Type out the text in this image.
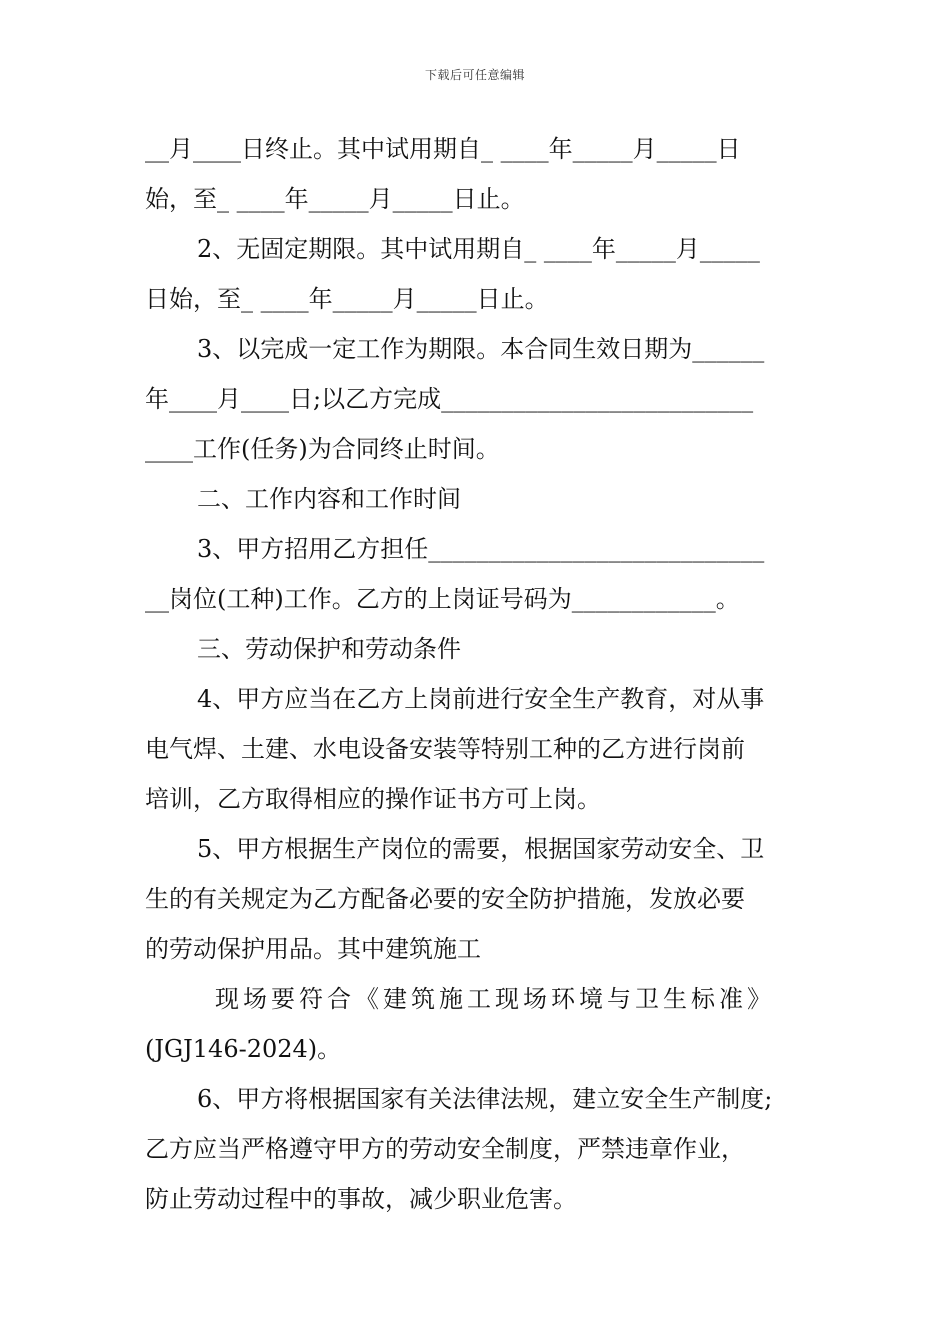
下载后可任意编辑
__月____日终止。其中试用期自_ ____年_____月_____日
始，至_ ____年_____月_____日止。
2、无固定期限。其中试用期自_ ____年_____月_____
日始，至_ ____年_____月_____日止。
3、以完成一定工作为期限。本合同生效日期为______
年____月____日;以乙方完成__________________________
____工作(任务)为合同终止时间。
二、工作内容和工作时间
3、甲方招用乙方担任____________________________
__岗位(工种)工作。乙方的上岗证号码为____________。
三、劳动保护和劳动条件
4、甲方应当在乙方上岗前进行安全生产教育，对从事
电气焊、土建、水电设备安装等特别工种的乙方进行岗前
培训，乙方取得相应的操作证书方可上岗。
5、甲方根据生产岗位的需要，根据国家劳动安全、卫
生的有关规定为乙方配备必要的安全防护措施，发放必要
的劳动保护用品。其中建筑施工
现场要符合《建筑施工现场环境与卫生标准》
(JGJ146-2024)。
6、甲方将根据国家有关法律法规，建立安全生产制度;
乙方应当严格遵守甲方的劳动安全制度，严禁违章作业，
防止劳动过程中的事故，减少职业危害。
